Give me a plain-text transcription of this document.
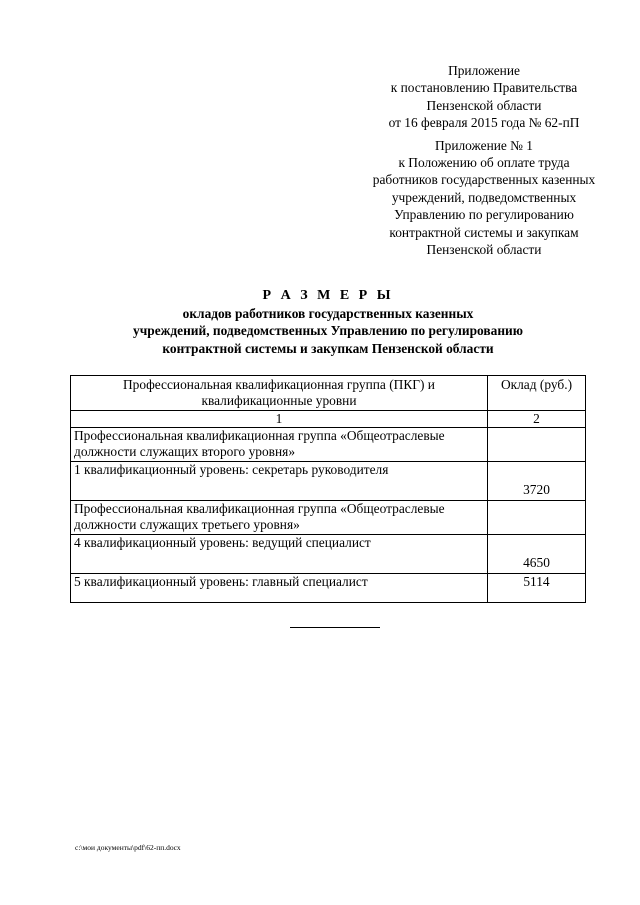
Приложение
к постановлению Правительства
Пензенской области
от 16 февраля 2015 года № 62-пП
Приложение № 1
к Положению об оплате труда
работников государственных казенных
учреждений, подведомственных
Управлению по регулированию
контрактной системы и закупкам
Пензенской области
Р А З М Е Р Ы
окладов работников государственных казенных
учреждений, подведомственных Управлению по регулированию
контрактной системы и закупкам Пензенской области
Профессиональная квалификационная группа (ПКГ) и квалификационные уровни	Оклад (руб.)
1	2
Профессиональная квалификационная группа «Общеотраслевые должности служащих второго уровня»	
1 квалификационный уровень: секретарь руководителя	3720
Профессиональная квалификационная группа «Общеотраслевые должности служащих третьего уровня»	
4 квалификационный уровень: ведущий специалист	4650
5 квалификационный уровень: главный специалист	5114
c:\мои документы\pdf\62-пп.docx
